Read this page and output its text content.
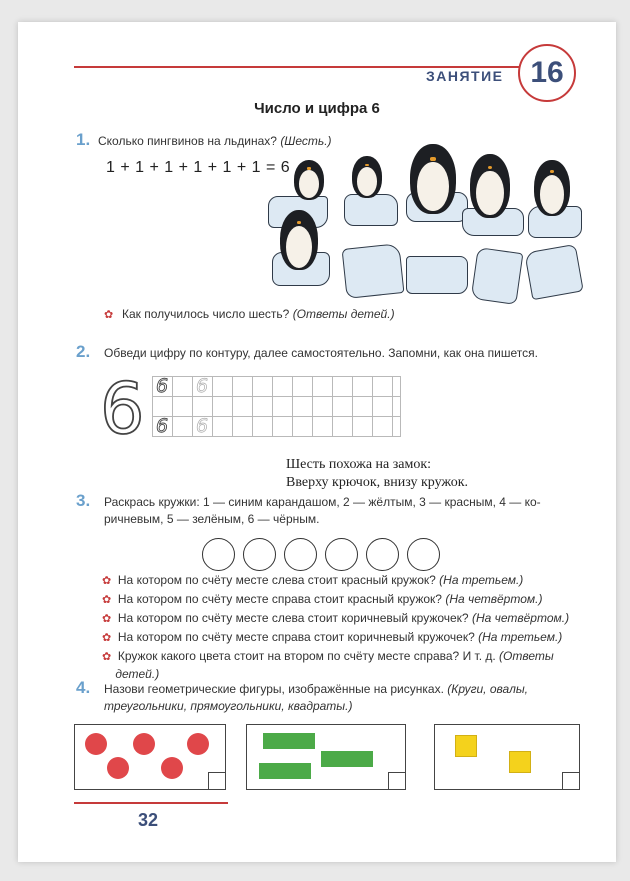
ЗАНЯТИЕ 16
Число и цифра 6
1. Сколько пингвинов на льдинах? (Шесть.)
1 + 1 + 1 + 1 + 1 + 1 = 6
✿ Как получилось число шесть? (Ответы детей.)
2. Обведи цифру по контуру, далее самостоятельно. Запомни, как она пишется.
6 6 6
6 6
Шесть похожа на замок:
Вверху крючок, внизу кружок.
3. Раскрась кружки: 1 — синим карандашом, 2 — жёлтым, 3 — красным, 4 — ко-
ричневым, 5 — зелёным, 6 — чёрным.
✿ На котором по счёту месте слева стоит красный кружок? (На третьем.)
✿ На котором по счёту месте справа стоит красный кружок? (На четвёртом.)
✿ На котором по счёту месте слева стоит коричневый кружочек? (На четвёртом.)
✿ На котором по счёту месте справа стоит коричневый кружочек? (На третьем.)
✿ Кружок какого цвета стоит на втором по счёту месте справа? И т. д. (Ответы
детей.)
4. Назови геометрические фигуры, изображённые на рисунках. (Круги, овалы,
треугольники, прямоугольники, квадраты.)
32
